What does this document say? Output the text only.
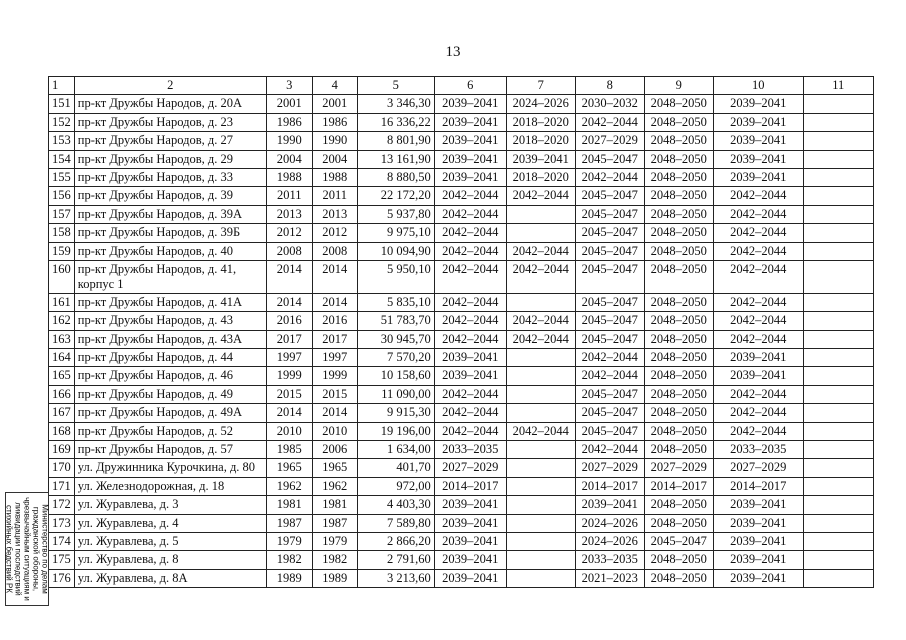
13
1	2	3	4	5	6	7	8	9	10	11
151	пр-кт Дружбы Народов, д. 20А	2001	2001	3 346,30	2039–2041	2024–2026	2030–2032	2048–2050	2039–2041	
152	пр-кт Дружбы Народов, д. 23	1986	1986	16 336,22	2039–2041	2018–2020	2042–2044	2048–2050	2039–2041	
153	пр-кт Дружбы Народов, д. 27	1990	1990	8 801,90	2039–2041	2018–2020	2027–2029	2048–2050	2039–2041	
154	пр-кт Дружбы Народов, д. 29	2004	2004	13 161,90	2039–2041	2039–2041	2045–2047	2048–2050	2039–2041	
155	пр-кт Дружбы Народов, д. 33	1988	1988	8 880,50	2039–2041	2018–2020	2042–2044	2048–2050	2039–2041	
156	пр-кт Дружбы Народов, д. 39	2011	2011	22 172,20	2042–2044	2042–2044	2045–2047	2048–2050	2042–2044	
157	пр-кт Дружбы Народов, д. 39А	2013	2013	5 937,80	2042–2044		2045–2047	2048–2050	2042–2044	
158	пр-кт Дружбы Народов, д. 39Б	2012	2012	9 975,10	2042–2044		2045–2047	2048–2050	2042–2044	
159	пр-кт Дружбы Народов, д. 40	2008	2008	10 094,90	2042–2044	2042–2044	2045–2047	2048–2050	2042–2044	
160	пр-кт Дружбы Народов, д. 41, корпус 1	2014	2014	5 950,10	2042–2044	2042–2044	2045–2047	2048–2050	2042–2044	
161	пр-кт Дружбы Народов, д. 41А	2014	2014	5 835,10	2042–2044		2045–2047	2048–2050	2042–2044	
162	пр-кт Дружбы Народов, д. 43	2016	2016	51 783,70	2042–2044	2042–2044	2045–2047	2048–2050	2042–2044	
163	пр-кт Дружбы Народов, д. 43А	2017	2017	30 945,70	2042–2044	2042–2044	2045–2047	2048–2050	2042–2044	
164	пр-кт Дружбы Народов, д. 44	1997	1997	7 570,20	2039–2041		2042–2044	2048–2050	2039–2041	
165	пр-кт Дружбы Народов, д. 46	1999	1999	10 158,60	2039–2041		2042–2044	2048–2050	2039–2041	
166	пр-кт Дружбы Народов, д. 49	2015	2015	11 090,00	2042–2044		2045–2047	2048–2050	2042–2044	
167	пр-кт Дружбы Народов, д. 49А	2014	2014	9 915,30	2042–2044		2045–2047	2048–2050	2042–2044	
168	пр-кт Дружбы Народов, д. 52	2010	2010	19 196,00	2042–2044	2042–2044	2045–2047	2048–2050	2042–2044	
169	пр-кт Дружбы Народов, д. 57	1985	2006	1 634,00	2033–2035		2042–2044	2048–2050	2033–2035	
170	ул. Дружинника Курочкина, д. 80	1965	1965	401,70	2027–2029		2027–2029	2027–2029	2027–2029	
171	ул. Железнодорожная, д. 18	1962	1962	972,00	2014–2017		2014–2017	2014–2017	2014–2017	
172	ул. Журавлева, д. 3	1981	1981	4 403,30	2039–2041		2039–2041	2048–2050	2039–2041	
173	ул. Журавлева, д. 4	1987	1987	7 589,80	2039–2041		2024–2026	2048–2050	2039–2041	
174	ул. Журавлева, д. 5	1979	1979	2 866,20	2039–2041		2024–2026	2045–2047	2039–2041	
175	ул. Журавлева, д. 8	1982	1982	2 791,60	2039–2041		2033–2035	2048–2050	2039–2041	
176	ул. Журавлева, д. 8А	1989	1989	3 213,60	2039–2041		2021–2023	2048–2050	2039–2041	
Министерство по делам гражданской обороны, чрезвычайным ситуациям и ликвидации последствий стихийных бедствий РК
